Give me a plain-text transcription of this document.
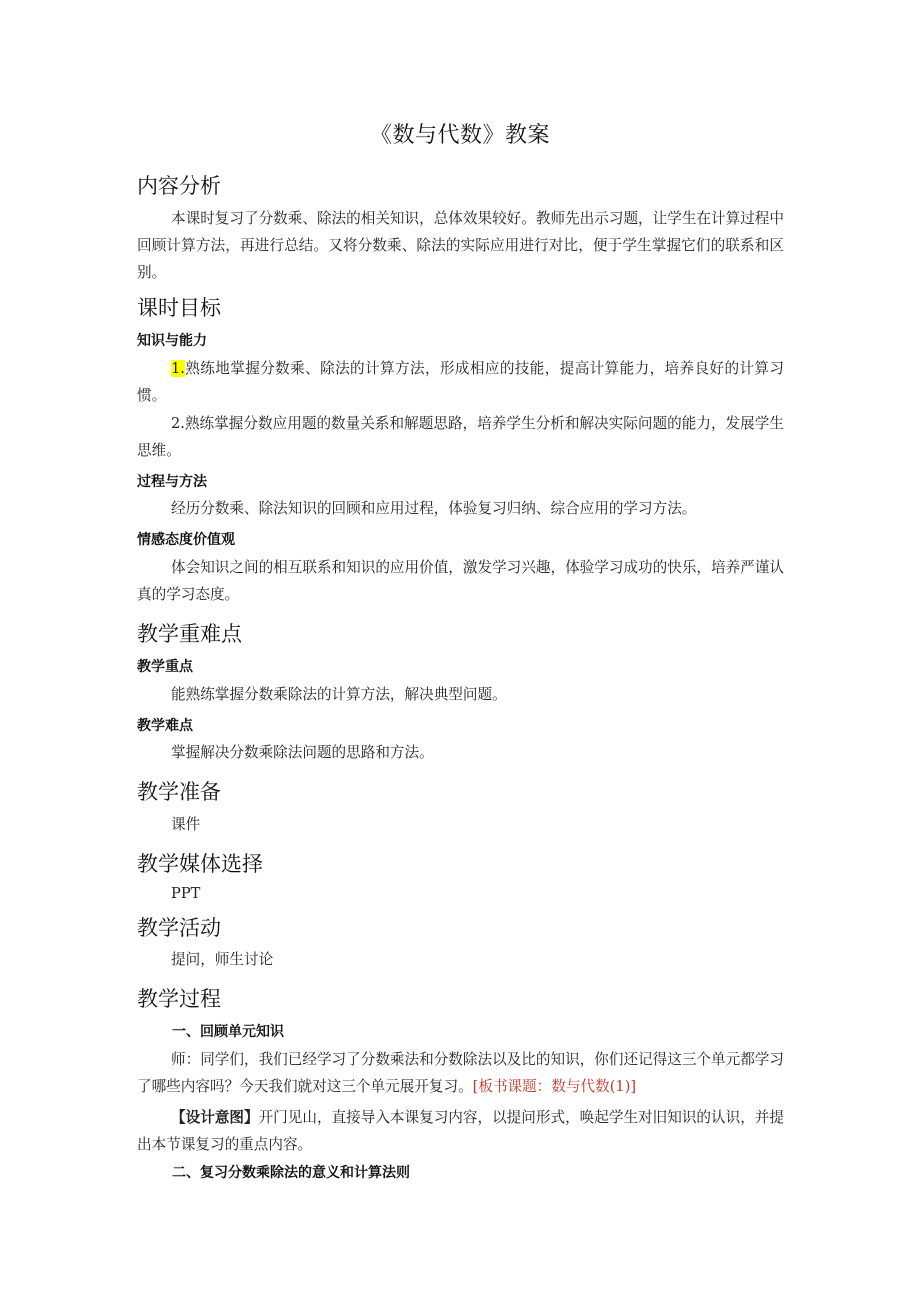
《数与代数》教案
内容分析
本课时复习了分数乘、除法的相关知识，总体效果较好。教师先出示习题，让学生在计算过程中回顾计算方法，再进行总结。又将分数乘、除法的实际应用进行对比，便于学生掌握它们的联系和区别。
课时目标
知识与能力
1.熟练地掌握分数乘、除法的计算方法，形成相应的技能，提高计算能力，培养良好的计算习惯。
2.熟练掌握分数应用题的数量关系和解题思路，培养学生分析和解决实际问题的能力，发展学生思维。
过程与方法
经历分数乘、除法知识的回顾和应用过程，体验复习归纳、综合应用的学习方法。
情感态度价值观
体会知识之间的相互联系和知识的应用价值，激发学习兴趣，体验学习成功的快乐，培养严谨认真的学习态度。
教学重难点
教学重点
能熟练掌握分数乘除法的计算方法，解决典型问题。
教学难点
掌握解决分数乘除法问题的思路和方法。
教学准备
课件
教学媒体选择
PPT
教学活动
提问，师生讨论
教学过程
一、回顾单元知识
师：同学们，我们已经学习了分数乘法和分数除法以及比的知识，你们还记得这三个单元都学习了哪些内容吗？今天我们就对这三个单元展开复习。[板书课题：数与代数(1)]
【设计意图】开门见山，直接导入本课复习内容，以提问形式，唤起学生对旧知识的认识，并提出本节课复习的重点内容。
二、复习分数乘除法的意义和计算法则
